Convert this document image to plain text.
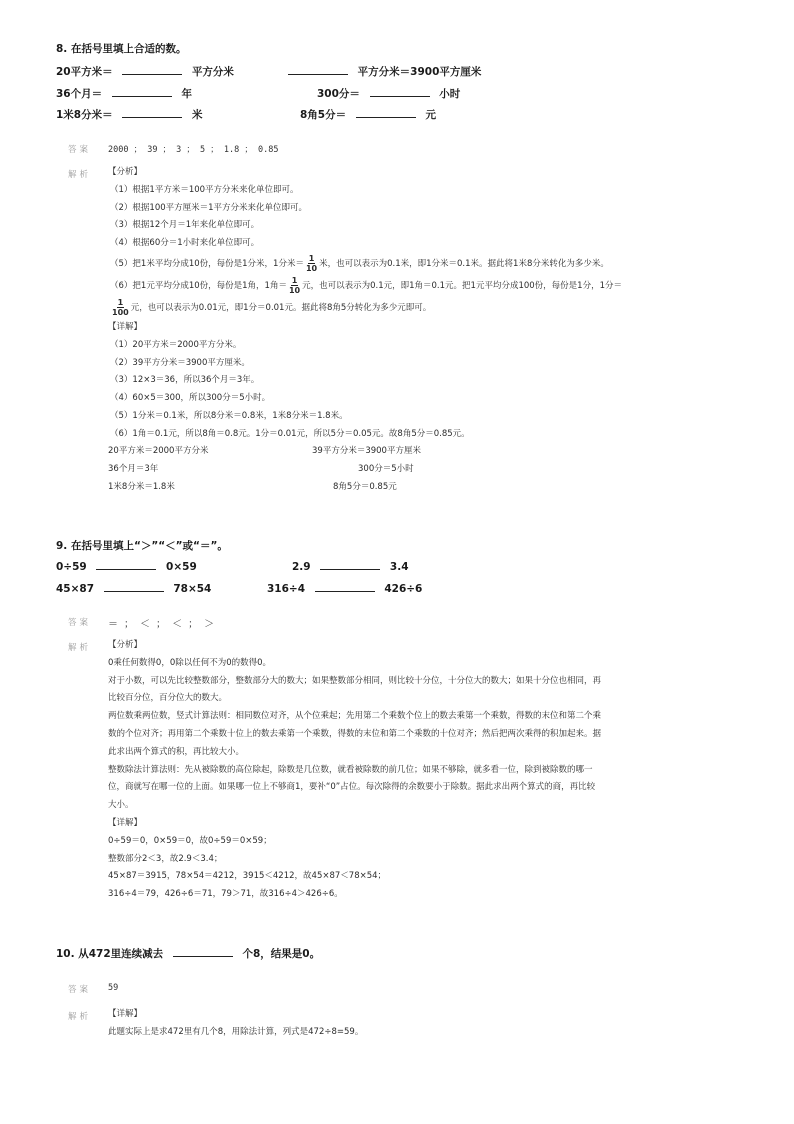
8. 在括号里填上合适的数。
20平方米＝	平方分米	平方分米＝3900平方厘米
36个月＝	年	300分＝	小时
1米8分米＝	米	8角5分＝	元
答案 2000 ； 39 ； 3 ； 5 ； 1.8 ； 0.85
解析 【分析】
（1）根据1平方米＝100平方分米来化单位即可。
（2）根据100平方厘米＝1平方分米来化单位即可。
（3）根据12个月＝1年来化单位即可。
（4）根据60分＝1小时来化单位即可。
（5）把1米平均分成10份，每份是1分米，1分米＝ $\frac{1}{10}$ 米，也可以表示为0.1米，即1分米＝0.1米。据此将1米8分米转化为多少米。
（6）把1元平均分成10份，每份是1角，1角＝ $\frac{1}{10}$ 元，也可以表示为0.1元，即1角＝0.1元。把1元平均分成100份，每份是1分，1分＝
$\frac{1}{100}$ 元，也可以表示为0.01元，即1分＝0.01元。据此将8角5分转化为多少元即可。
【详解】
（1）20平方米＝2000平方分米。
（2）39平方分米＝3900平方厘米。
（3）12×3＝36，所以36个月＝3年。
（4）60×5＝300，所以300分＝5小时。
（5）1分米＝0.1米，所以8分米＝0.8米，1米8分米＝1.8米。
（6）1角＝0.1元，所以8角＝0.8元。1分＝0.01元，所以5分＝0.05元。故8角5分＝0.85元。
20平方米＝2000平方分米	39平方分米＝3900平方厘米
36个月＝3年	300分＝5小时
1米8分米＝1.8米	8角5分＝0.85元
9. 在括号里填上“＞”“＜”或“＝”。
0÷59	0×59	2.9	3.4
45×87	78×54	316÷4	426÷6
答案 ＝ ； ＜ ； ＜ ； ＞
解析 【分析】
0乘任何数得0，0除以任何不为0的数得0。
对于小数，可以先比较整数部分，整数部分大的数大；如果整数部分相同，则比较十分位，十分位大的数大；如果十分位也相同，再
比较百分位，百分位大的数大。
两位数乘两位数，竖式计算法则：相同数位对齐，从个位乘起；先用第二个乘数个位上的数去乘第一个乘数，得数的末位和第二个乘
数的个位对齐；再用第二个乘数十位上的数去乘第一个乘数，得数的末位和第二个乘数的十位对齐；然后把两次乘得的积加起来。据
此求出两个算式的积，再比较大小。
整数除法计算法则：先从被除数的高位除起，除数是几位数，就看被除数的前几位；如果不够除，就多看一位，除到被除数的哪一
位，商就写在哪一位的上面。如果哪一位上不够商1，要补“0”占位。每次除得的余数要小于除数。据此求出两个算式的商，再比较
大小。
【详解】
0÷59＝0，0×59＝0，故0÷59＝0×59；
整数部分2＜3，故2.9＜3.4；
45×87＝3915，78×54＝4212，3915＜4212，故45×87＜78×54；
316÷4＝79，426÷6＝71，79＞71，故316÷4＞426÷6。
10. 从472里连续减去	个8，结果是0。
答案 59
解析 【详解】
此题实际上是求472里有几个8，用除法计算，列式是472÷8=59。
